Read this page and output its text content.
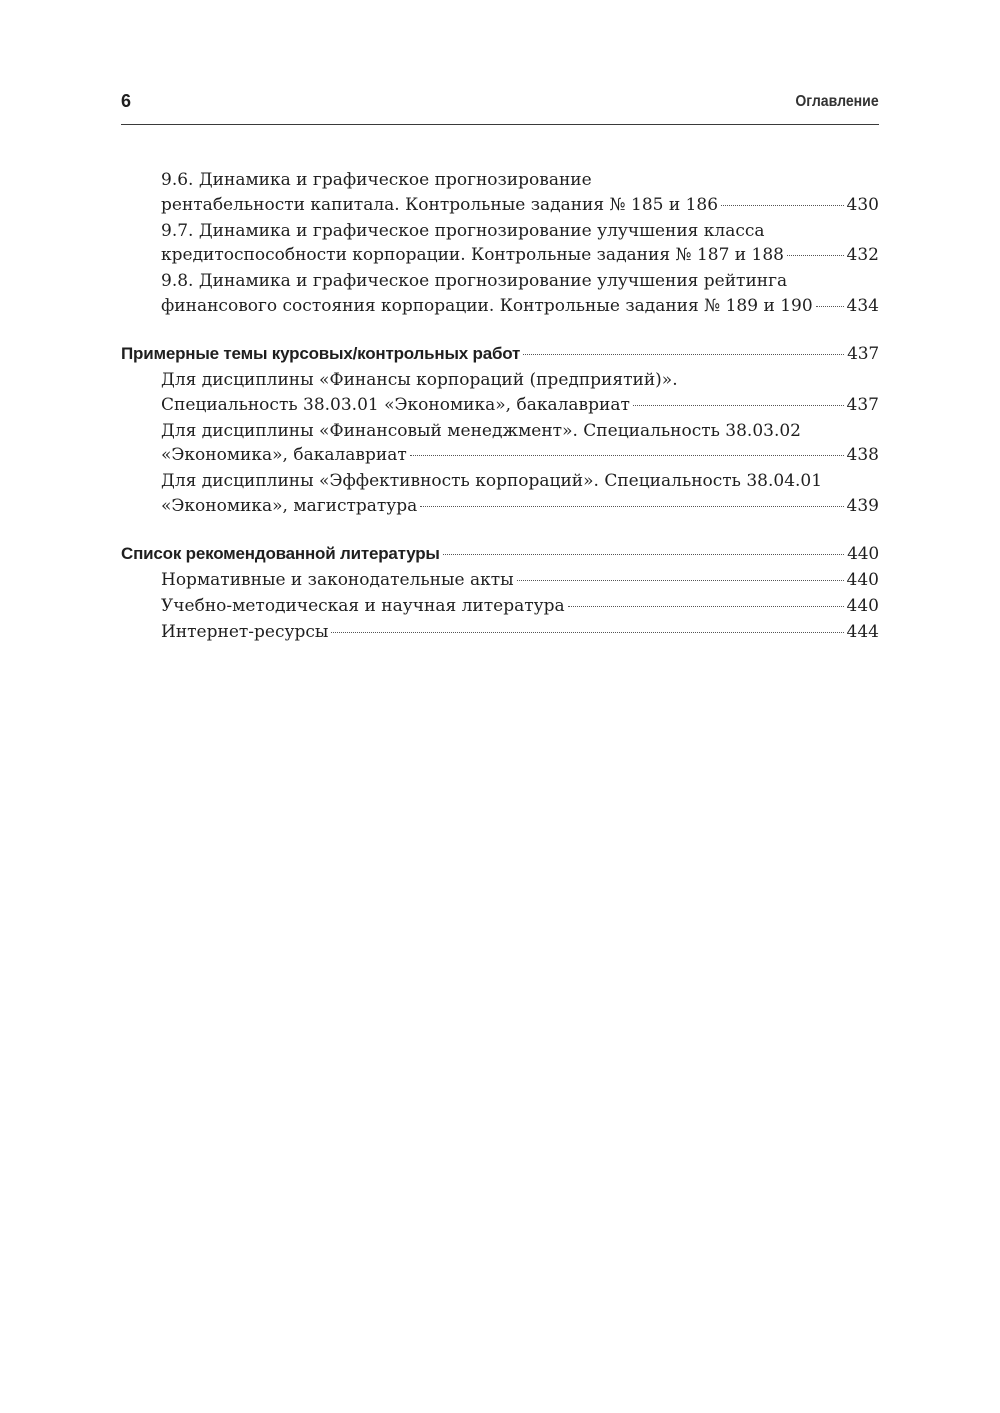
6	Оглавление
9.6. Динамика и графическое прогнозирование
рентабельности капитала. Контрольные задания № 185 и 186	430
9.7. Динамика и графическое прогнозирование улучшения класса
кредитоспособности корпорации. Контрольные задания № 187 и 188	432
9.8. Динамика и графическое прогнозирование улучшения рейтинга
финансового состояния корпорации. Контрольные задания № 189 и 190 434
Примерные темы курсовых/контрольных работ	437
Для дисциплины «Финансы корпораций (предприятий)».
Специальность 38.03.01 «Экономика», бакалавриат	437
Для дисциплины «Финансовый менеджмент». Специальность 38.03.02
«Экономика», бакалавриат	438
Для дисциплины «Эффективность корпораций». Специальность 38.04.01
«Экономика», магистратура	439
Список рекомендованной литературы	440
Нормативные и законодательные акты	440
Учебно-методическая и научная литература	440
Интернет-ресурсы	444
